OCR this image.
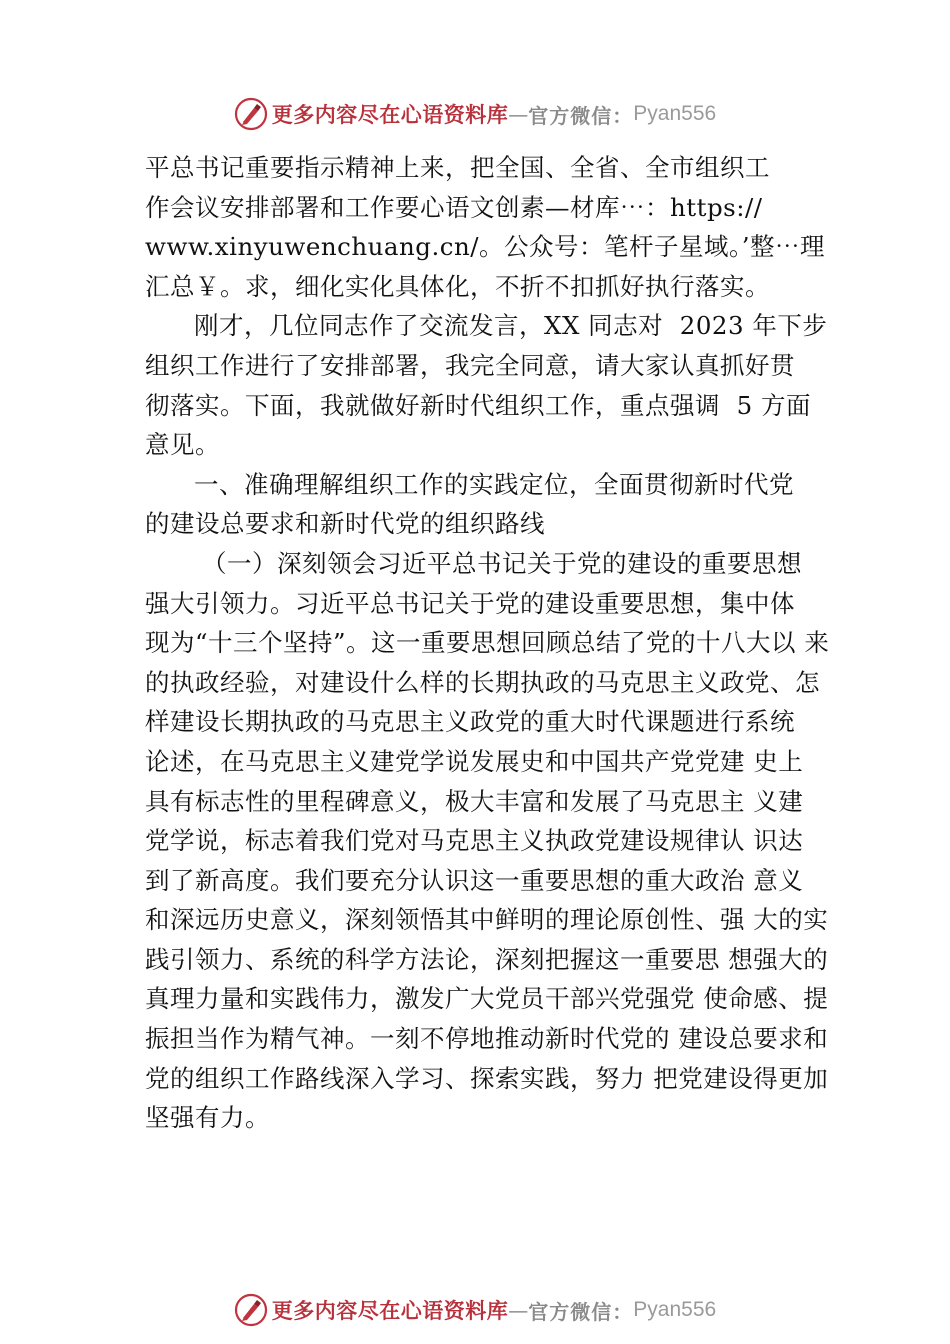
更多内容尽在心语资料库 — 官方微信： Pyan556
平总书记重要指示精神上来，把全国、全省、全市组织工
作会议安排部署和工作要心语文创素—材库⋯：https://
www.xinyuwenchuang.cn/。公众号：笔杆子星域。’整⋯理
汇总￥。求，细化实化具体化，不折不扣抓好执行落实。
刚才，几位同志作了交流发言，XX 同志对  2023 年下步
组织工作进行了安排部署，我完全同意，请大家认真抓好贯
彻落实。下面，我就做好新时代组织工作，重点强调  5 方面
意见。
一、准确理解组织工作的实践定位，全面贯彻新时代党
的建设总要求和新时代党的组织路线
（一）深刻领会习近平总书记关于党的建设的重要思想
强大引领力。习近平总书记关于党的建设重要思想，集中体
现为“十三个坚持”。这一重要思想回顾总结了党的十八大以 来
的执政经验，对建设什么样的长期执政的马克思主义政党、怎
样建设长期执政的马克思主义政党的重大时代课题进行系统
论述，在马克思主义建党学说发展史和中国共产党党建 史上
具有标志性的里程碑意义，极大丰富和发展了马克思主 义建
党学说，标志着我们党对马克思主义执政党建设规律认 识达
到了新高度。我们要充分认识这一重要思想的重大政治 意义
和深远历史意义，深刻领悟其中鲜明的理论原创性、强 大的实
践引领力、系统的科学方法论，深刻把握这一重要思 想强大的
真理力量和实践伟力，激发广大党员干部兴党强党 使命感、提
振担当作为精气神。一刻不停地推动新时代党的 建设总要求和
党的组织工作路线深入学习、探索实践，努力 把党建设得更加
坚强有力。
更多内容尽在心语资料库 — 官方微信： Pyan556
